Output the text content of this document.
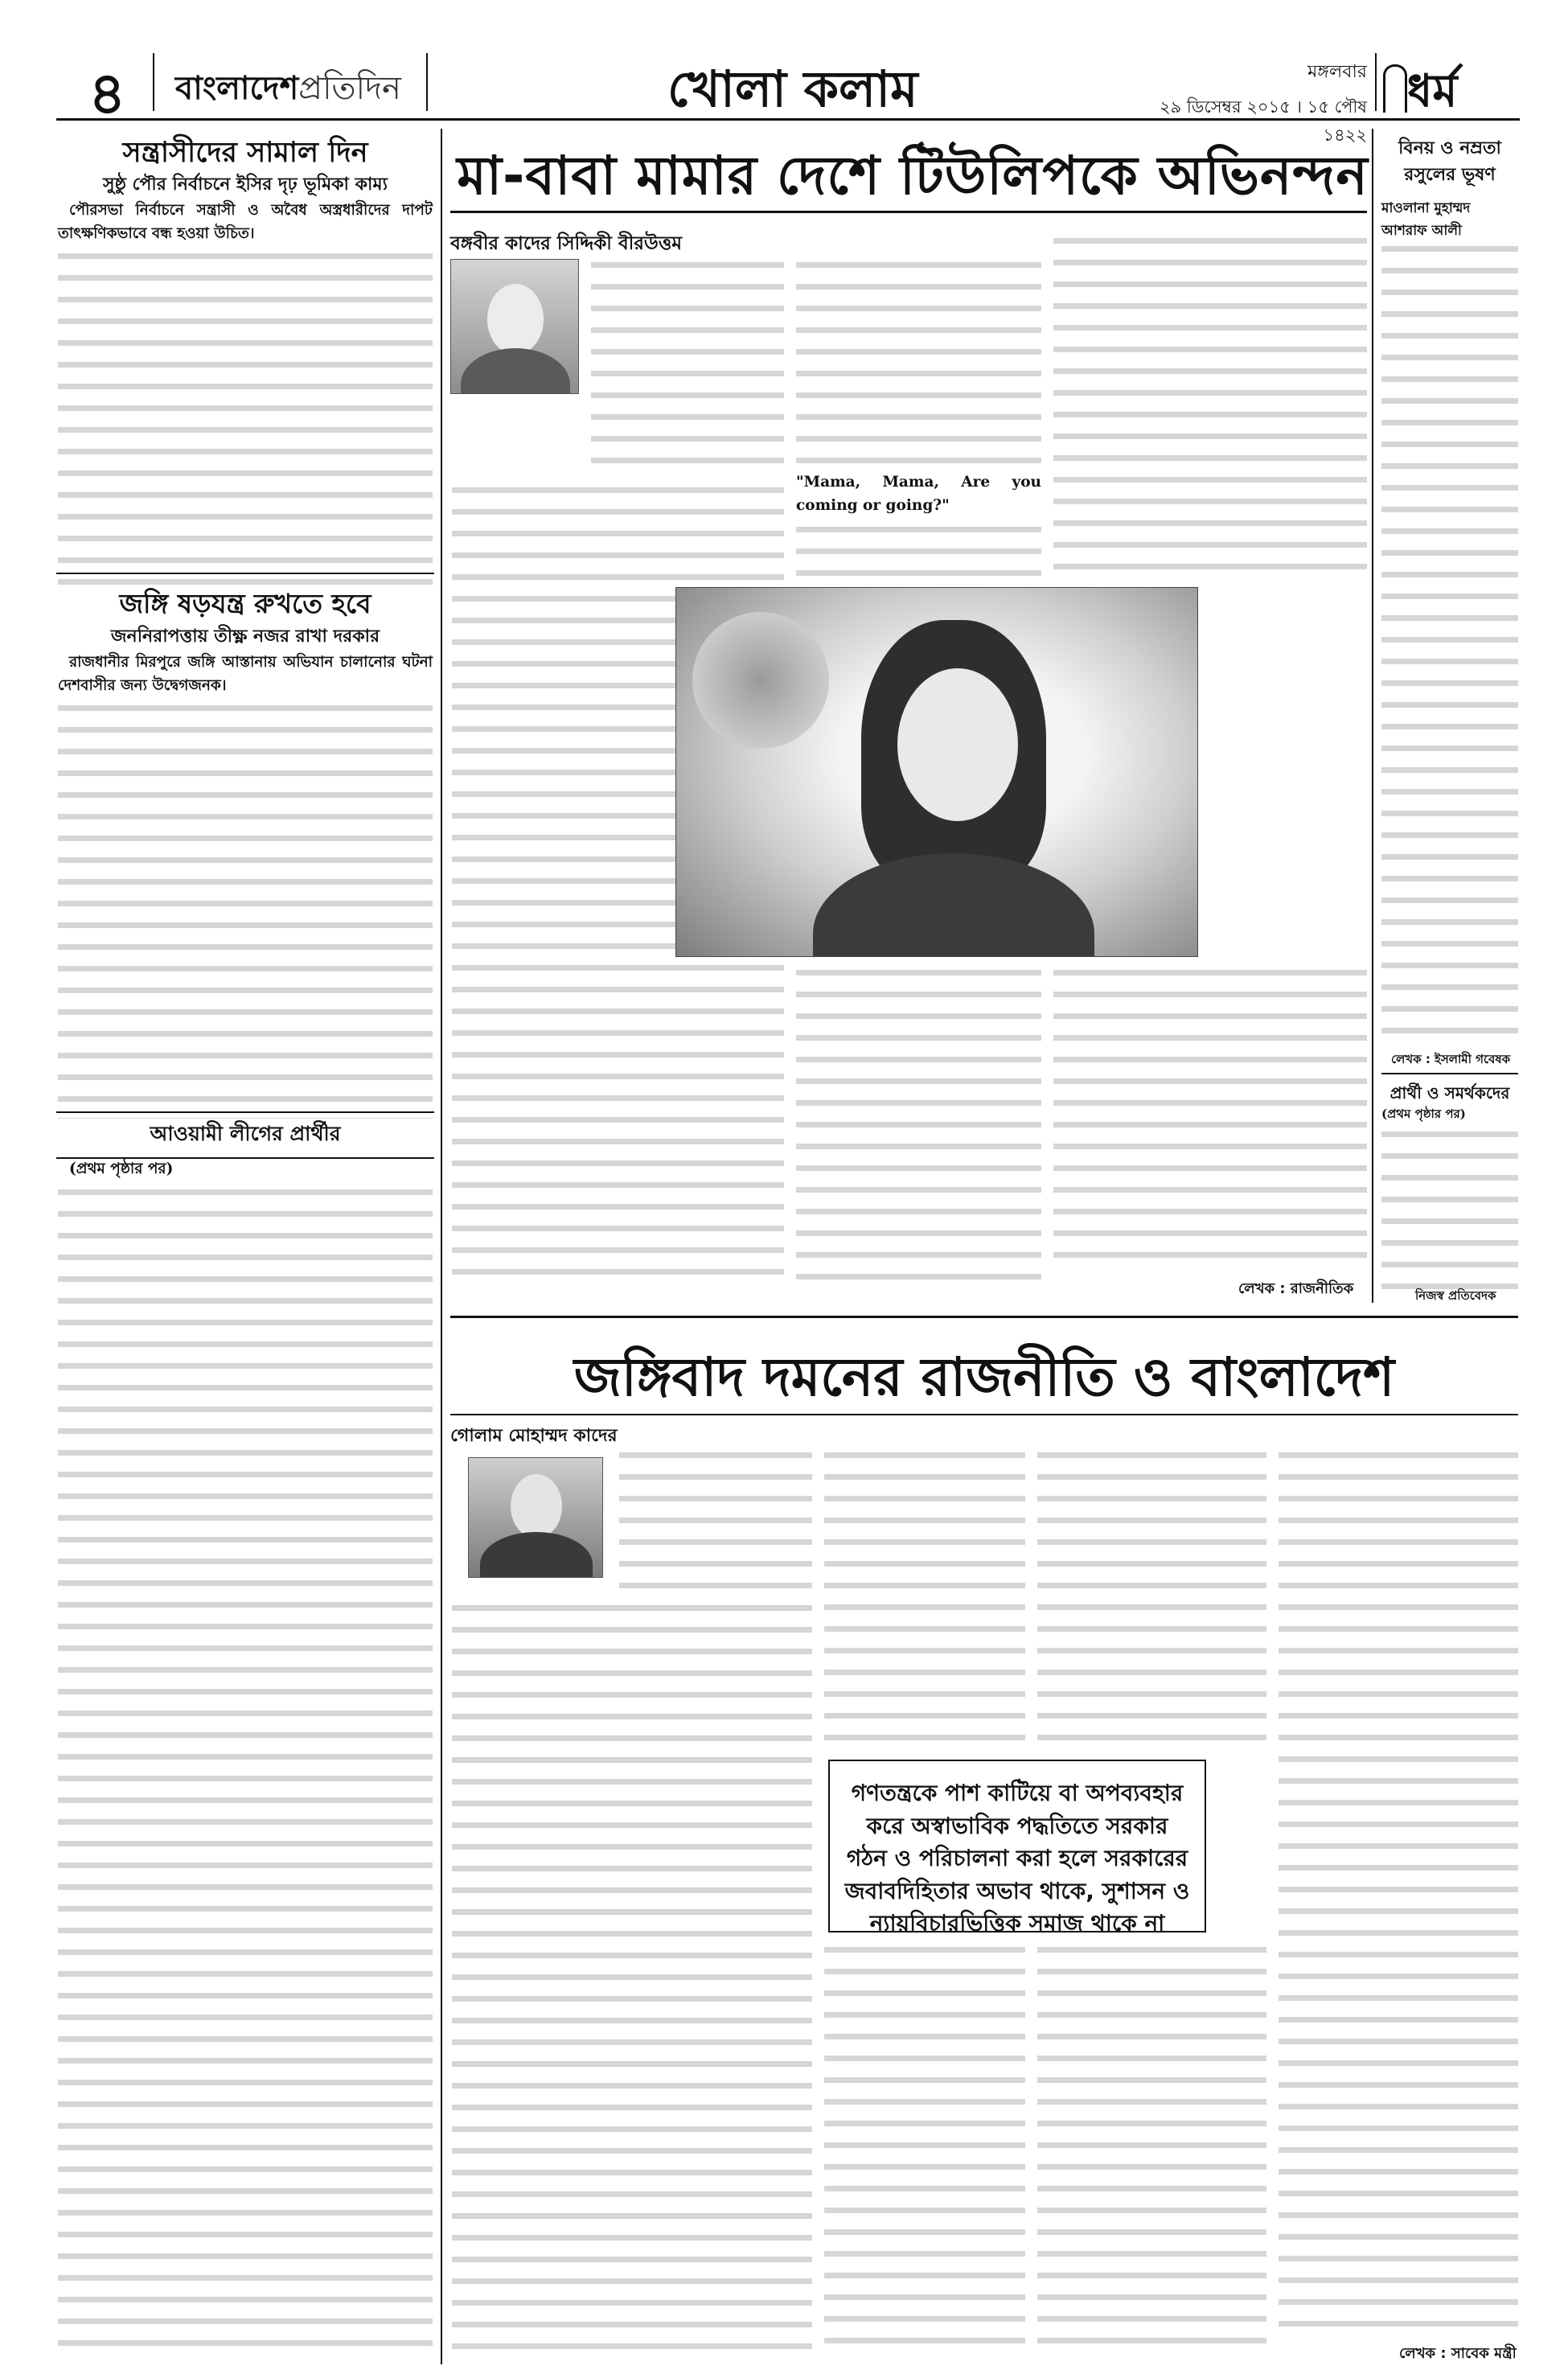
৪ বাংলাদেশপ্রতিদিন	খোলা কলাম	মঙ্গলবার
২৯ ডিসেম্বর ২০১৫ । ১৫ পৌষ ১৪২২
ধর্ম
সন্ত্রাসীদের সামাল দিন
সুষ্ঠু পৌর নির্বাচনে ইসির দৃঢ় ভূমিকা কাম্য

পৌরসভা নির্বাচনে সন্ত্রাসী ও অবৈধ অস্ত্রধারীদের দাপট তাৎক্ষণিকভাবে বন্ধ হওয়া উচিত।

জঙ্গি ষড়যন্ত্র রুখতে হবে
জননিরাপত্তায় তীক্ষ্ণ নজর রাখা দরকার

রাজধানীর মিরপুরে জঙ্গি আস্তানায় অভিযান চালানোর ঘটনা দেশবাসীর জন্য উদ্বেগজনক।

আওয়ামী লীগের প্রার্থীর

(প্রথম পৃষ্ঠার পর)

মা-বাবা মামার দেশে টিউলিপকে অভিনন্দন
বঙ্গবীর কাদের সিদ্দিকী বীরউত্তম

"Mama, Mama, Are you coming or going?"

লেখক : রাজনীতিক
বিনয় ও নম্রতা রসুলের ভূষণ
মাওলানা মুহাম্মদ আশরাফ আলী
লেখক : ইসলামী গবেষক
প্রার্থী ও সমর্থকদের

(প্রথম পৃষ্ঠার পর)

নিজস্ব প্রতিবেদক
জঙ্গিবাদ দমনের রাজনীতি ও বাংলাদেশ
গোলাম মোহাম্মদ কাদের
গণতন্ত্রকে পাশ কাটিয়ে বা অপব্যবহার করে অস্বাভাবিক পদ্ধতিতে সরকার গঠন ও পরিচালনা করা হলে সরকারের জবাবদিহিতার অভাব থাকে, সুশাসন ও ন্যায়বিচারভিত্তিক সমাজ থাকে না
লেখক : সাবেক মন্ত্রী
